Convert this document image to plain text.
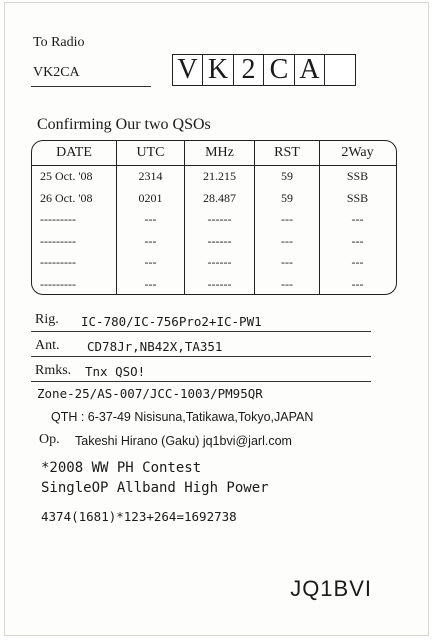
To Radio
VK2CA	V K 2 C A
Confirming Our two QSOs
DATE	UTC	MHz	RST	2Way
25 Oct. '08	2314	21.215	59	SSB
26 Oct. '08	0201	28.487	59	SSB
---------	---	------	---	---
---------	---	------	---	---
---------	---	------	---	---
---------	---	------	---	---
Rig. IC-780/IC-756Pro2+IC-PW1
Ant. CD78Jr,NB42X,TA351
Rmks. Tnx QSO!
Zone-25/AS-007/JCC-1003/PM95QR
QTH : 6-37-49 Nisisuna,Tatikawa,Tokyo,JAPAN
Op. Takeshi Hirano (Gaku) jq1bvi@jarl.com
*2008 WW PH Contest
SingleOP Allband High Power
4374(1681)*123+264=1692738
JQ1BVI
